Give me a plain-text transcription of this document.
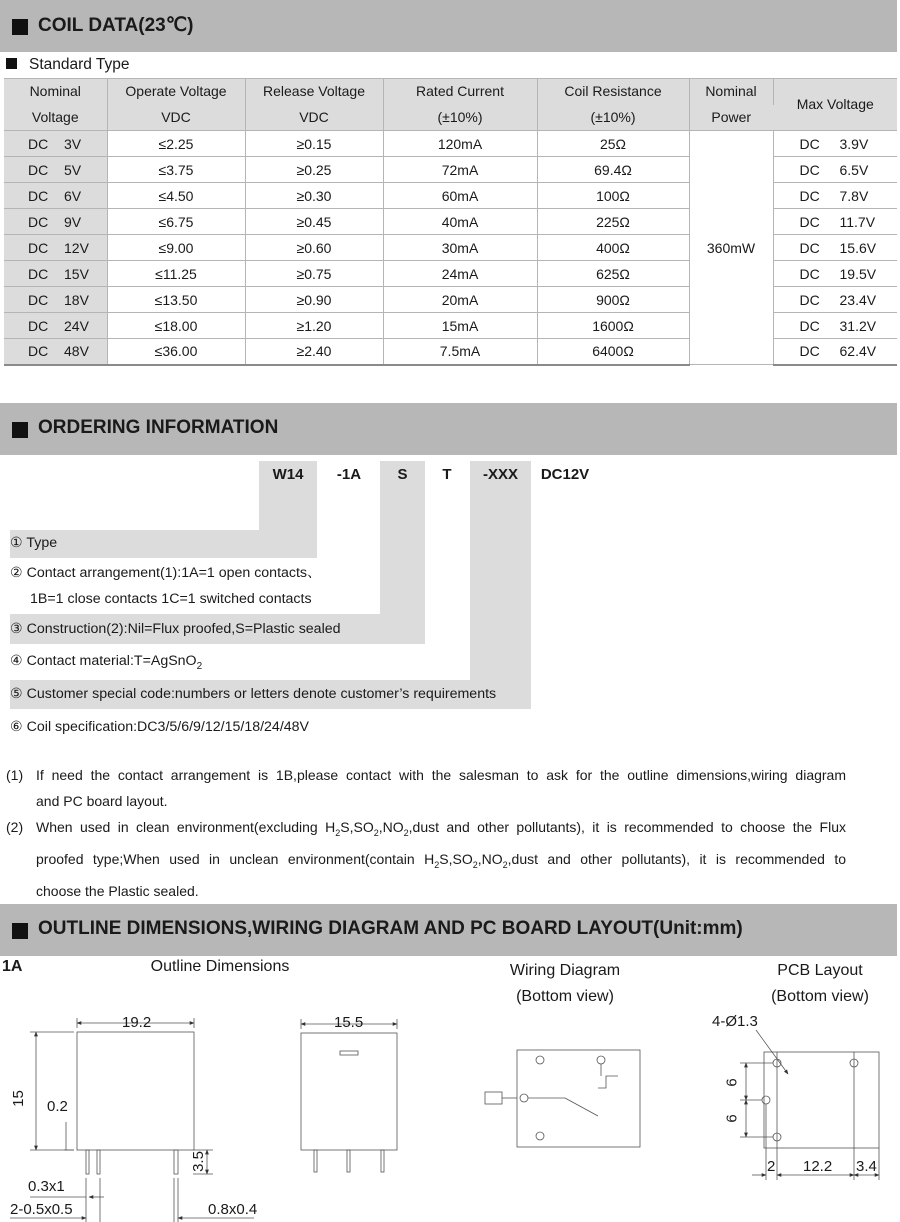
COIL DATA(23℃)
Standard Type
Nominal	Operate Voltage	Release Voltage	Rated Current	Coil Resistance	Nominal	Max Voltage
Voltage	VDC	VDC	(±10%)	(±10%)	Power	
DC 3V	≤2.25	≥0.15	120mA	25Ω	360mW	DC 3.9V
DC 5V	≤3.75	≥0.25	72mA	69.4Ω		DC 6.5V
DC 6V	≤4.50	≥0.30	60mA	100Ω		DC 7.8V
DC 9V	≤6.75	≥0.45	40mA	225Ω		DC 11.7V
DC 12V	≤9.00	≥0.60	30mA	400Ω		DC 15.6V
DC 15V	≤11.25	≥0.75	24mA	625Ω		DC 19.5V
DC 18V	≤13.50	≥0.90	20mA	900Ω		DC 23.4V
DC 24V	≤18.00	≥1.20	15mA	1600Ω		DC 31.2V
DC 48V	≤36.00	≥2.40	7.5mA	6400Ω		DC 62.4V
ORDERING INFORMATION
W14	-1A	S	T	-XXX	DC12V
① Type
② Contact arrangement(1):1A=1 open contacts、
1B=1 close contacts 1C=1 switched contacts
③ Construction(2):Nil=Flux proofed,S=Plastic sealed
④ Contact material:T=AgSnO$_2$
⑤ Customer special code:numbers or letters denote customer’s requirements
⑥ Coil specification:DC3/5/6/9/12/15/18/24/48V
(1) If need the contact arrangement is 1B,please contact with the salesman to ask for the outline dimensions,wiring diagram
and PC board layout.
(2) When used in clean environment(excluding $H_2S,SO_2,NO_2,dust$ and other pollutants), it is recommended to choose the Flux
proofed type;When used in unclean environment(contain $H_2S,SO_2,NO_2,dust$ and other pollutants), it is recommended to
choose the Plastic sealed.
OUTLINE DIMENSIONS,WIRING DIAGRAM AND PC BOARD LAYOUT(Unit:mm)
1A	Outline Dimensions	Wiring Diagram
(Bottom view)
PCB Layout
(Bottom view)
19.2	15.5
15 0.2
3.5
0.3x1
2-0.5x0.5	0.8x0.4
4-Ø1.3
6
6
2 12.2 3.4
